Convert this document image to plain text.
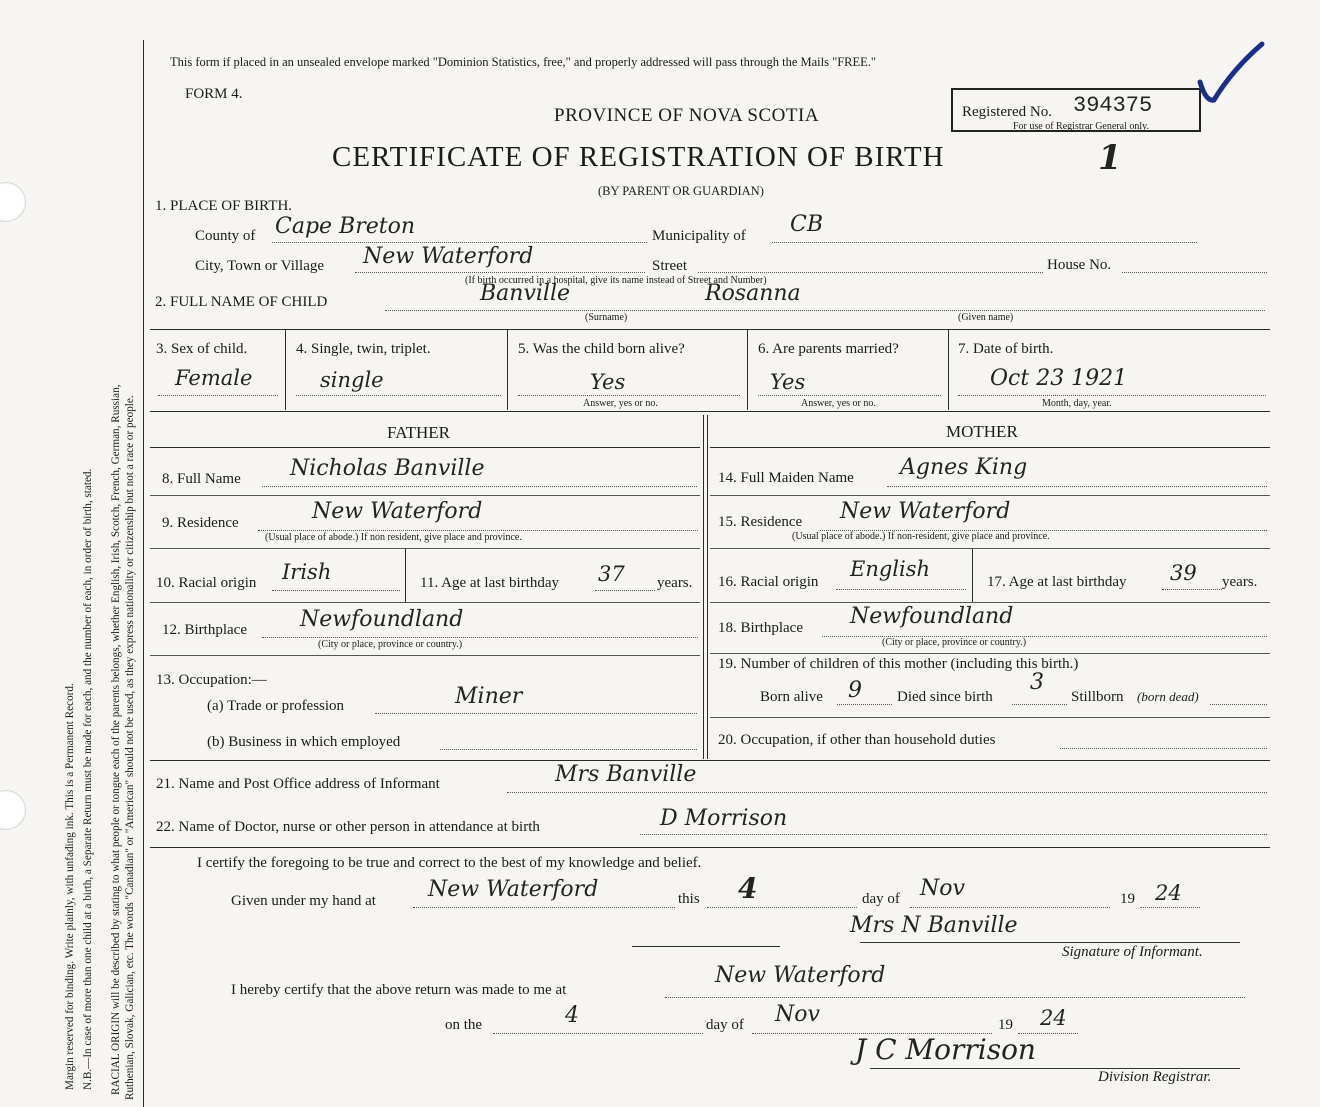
Margin reserved for binding. Write plainly, with unfading ink. This is a Permanent Record. N.B.—In case of more than one child at a birth, a Separate Return must be made for each, and the number of each, in order of birth, stated. RACIAL ORIGIN will be described by stating to what people or tongue each of the parents belongs, whether English, Irish, Scotch, French, German, Russian, Ruthenian, Slovak, Galician, etc. The words "Canadian" or "American" should not be used, as they express nationality or citizenship but not a race or people.
This form if placed in an unsealed envelope marked "Dominion Statistics, free," and properly addressed will pass through the Mails "FREE."
FORM 4.
PROVINCE OF NOVA SCOTIA	Registered No. 394375
For use of Registrar General only.
CERTIFICATE OF REGISTRATION OF BIRTH	1
(BY PARENT OR GUARDIAN)
1. PLACE OF BIRTH.
County of Cape Breton	Municipality of CB
City, Town or Village New Waterford	Street	House No.
(If birth occurred in a hospital, give its name instead of Street and Number)
2. FULL NAME OF CHILD	Banville	Rosanna
(Surname)	(Given name)
3. Sex of child.
Female
4. Single, twin, triplet.
single
5. Was the child born alive?
Yes
Answer, yes or no.
6. Are parents married?
Yes
Answer, yes or no.
7. Date of birth.
Oct 23 1921
Month, day, year.
FATHER	MOTHER
8. Full Name Nicholas Banville
9. Residence	New Waterford
(Usual place of abode.) If non resident, give place and province.
10. Racial origin Irish	11. Age at last birthday 37 years.
12. Birthplace Newfoundland
(City or place, province or country.)
13. Occupation:—
(a) Trade or profession	Miner
(b) Business in which employed
14. Full Maiden Name Agnes King
15. Residence New Waterford
(Usual place of abode.) If non-resident, give place and province.
16. Racial origin
English
17. Age at last birthday 39 years.
18. Birthplace Newfoundland
(City or place, province or country.)
19. Number of children of this mother (including this birth.)
Born alive 9 Died since birth
3
Stillborn (born dead)
20. Occupation, if other than household duties
21. Name and Post Office address of Informant	Mrs Banville
22. Name of Doctor, nurse or other person in attendance at birth	D Morrison
I certify the foregoing to be true and correct to the best of my knowledge and belief.
Given under my hand at New Waterford	this 4	day of Nov	19 24
Mrs N Banville
Signature of Informant.
I hereby certify that the above return was made to me at
New Waterford
on the	4	day of Nov	19 24
J C Morrison
Division Registrar.
